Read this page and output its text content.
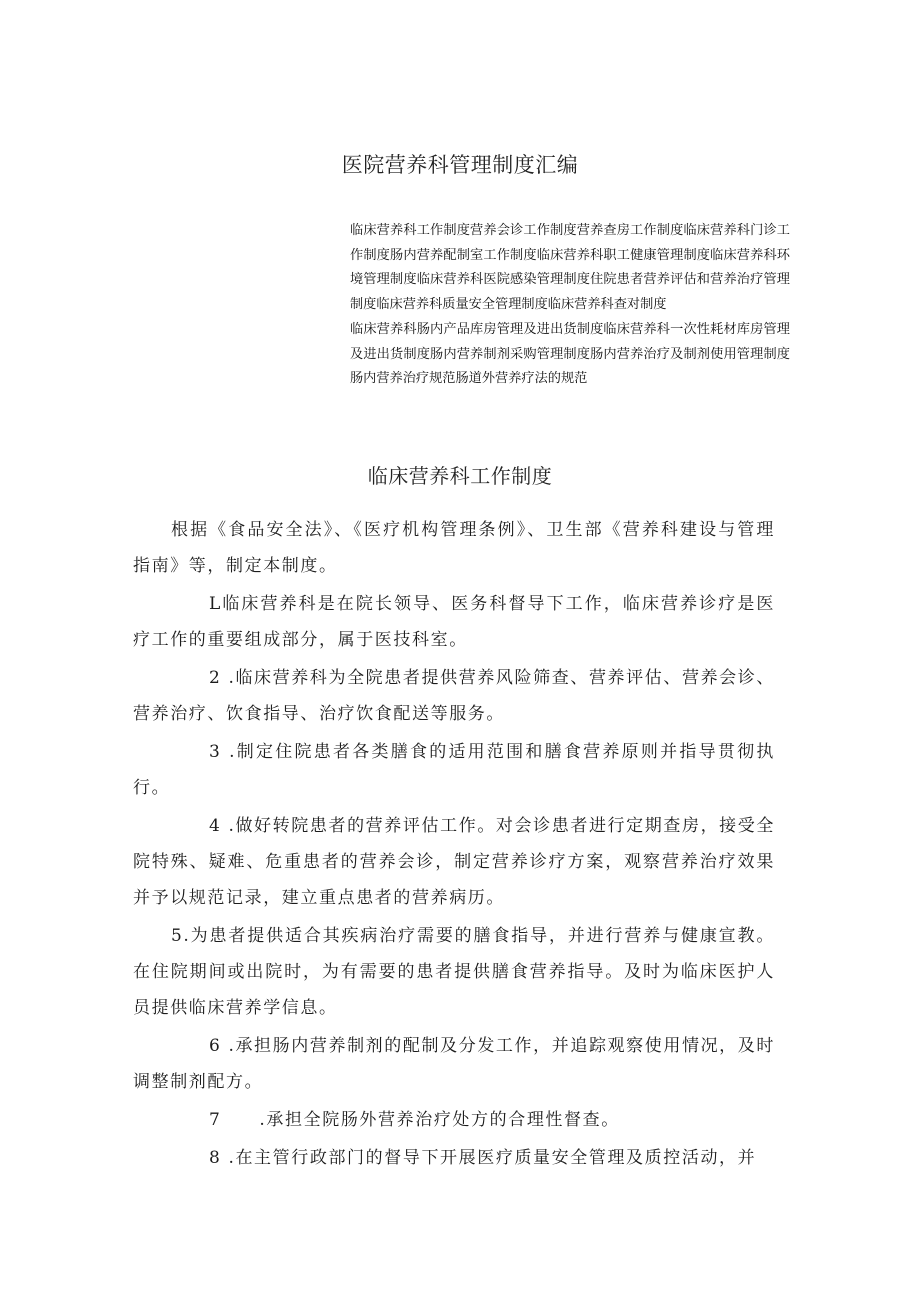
医院营养科管理制度汇编

临床营养科工作制度营养会诊工作制度营养查房工作制度临床营养科门诊工作制度肠内营养配制室工作制度临床营养科职工健康管理制度临床营养科环境管理制度临床营养科医院感染管理制度住院患者营养评估和营养治疗管理制度临床营养科质量安全管理制度临床营养科查对制度

临床营养科肠内产品库房管理及进出货制度临床营养科一次性耗材库房管理及进出货制度肠内营养制剂采购管理制度肠内营养治疗及制剂使用管理制度肠内营养治疗规范肠道外营养疗法的规范

临床营养科工作制度

根据《食品安全法》、《医疗机构管理条例》、卫生部《营养科建设与管理指南》等，制定本制度。

L临床营养科是在院长领导、医务科督导下工作，临床营养诊疗是医疗工作的重要组成部分，属于医技科室。

2 .临床营养科为全院患者提供营养风险筛查、营养评估、营养会诊、营养治疗、饮食指导、治疗饮食配送等服务。

3 .制定住院患者各类膳食的适用范围和膳食营养原则并指导贯彻执行。

4 .做好转院患者的营养评估工作。对会诊患者进行定期查房，接受全院特殊、疑难、危重患者的营养会诊，制定营养诊疗方案，观察营养治疗效果并予以规范记录，建立重点患者的营养病历。

5.为患者提供适合其疾病治疗需要的膳食指导，并进行营养与健康宣教。在住院期间或出院时，为有需要的患者提供膳食营养指导。及时为临床医护人员提供临床营养学信息。

6 .承担肠内营养制剂的配制及分发工作，并追踪观察使用情况，及时调整制剂配方。

7 .承担全院肠外营养治疗处方的合理性督查。

8 .在主管行政部门的督导下开展医疗质量安全管理及质控活动，并
